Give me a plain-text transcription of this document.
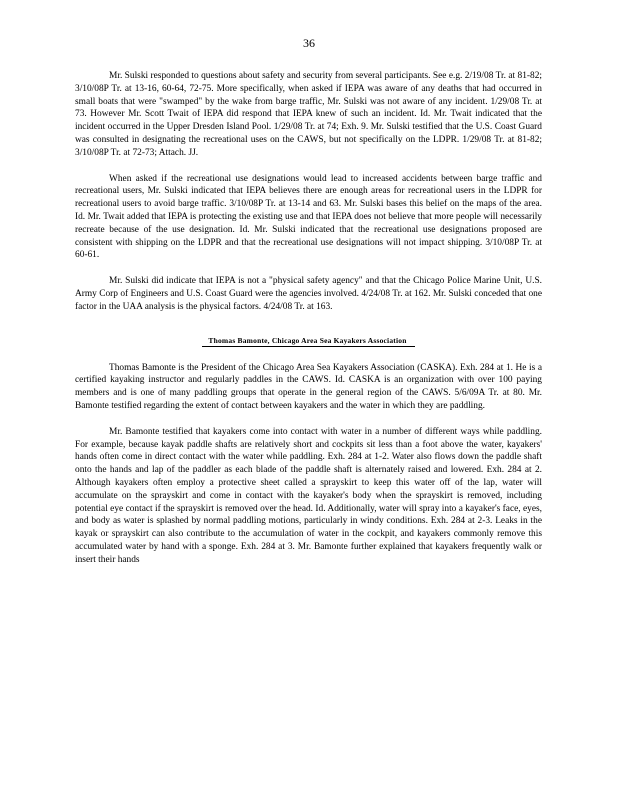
36

Mr. Sulski responded to questions about safety and security from several participants. See e.g. 2/19/08 Tr. at 81-82; 3/10/08P Tr. at 13-16, 60-64, 72-75. More specifically, when asked if IEPA was aware of any deaths that had occurred in small boats that were "swamped" by the wake from barge traffic, Mr. Sulski was not aware of any incident. 1/29/08 Tr. at 73. However Mr. Scott Twait of IEPA did respond that IEPA knew of such an incident. Id. Mr. Twait indicated that the incident occurred in the Upper Dresden Island Pool. 1/29/08 Tr. at 74; Exh. 9. Mr. Sulski testified that the U.S. Coast Guard was consulted in designating the recreational uses on the CAWS, but not specifically on the LDPR. 1/29/08 Tr. at 81-82; 3/10/08P Tr. at 72-73; Attach. JJ.

When asked if the recreational use designations would lead to increased accidents between barge traffic and recreational users, Mr. Sulski indicated that IEPA believes there are enough areas for recreational users in the LDPR for recreational users to avoid barge traffic. 3/10/08P Tr. at 13-14 and 63. Mr. Sulski bases this belief on the maps of the area. Id. Mr. Twait added that IEPA is protecting the existing use and that IEPA does not believe that more people will necessarily recreate because of the use designation. Id. Mr. Sulski indicated that the recreational use designations proposed are consistent with shipping on the LDPR and that the recreational use designations will not impact shipping. 3/10/08P Tr. at 60-61.

Mr. Sulski did indicate that IEPA is not a "physical safety agency" and that the Chicago Police Marine Unit, U.S. Army Corp of Engineers and U.S. Coast Guard were the agencies involved. 4/24/08 Tr. at 162. Mr. Sulski conceded that one factor in the UAA analysis is the physical factors. 4/24/08 Tr. at 163.

Thomas Bamonte, Chicago Area Sea Kayakers Association

Thomas Bamonte is the President of the Chicago Area Sea Kayakers Association (CASKA). Exh. 284 at 1. He is a certified kayaking instructor and regularly paddles in the CAWS. Id. CASKA is an organization with over 100 paying members and is one of many paddling groups that operate in the general region of the CAWS. 5/6/09A Tr. at 80. Mr. Bamonte testified regarding the extent of contact between kayakers and the water in which they are paddling.

Mr. Bamonte testified that kayakers come into contact with water in a number of different ways while paddling. For example, because kayak paddle shafts are relatively short and cockpits sit less than a foot above the water, kayakers' hands often come in direct contact with the water while paddling. Exh. 284 at 1-2. Water also flows down the paddle shaft onto the hands and lap of the paddler as each blade of the paddle shaft is alternately raised and lowered. Exh. 284 at 2. Although kayakers often employ a protective sheet called a sprayskirt to keep this water off of the lap, water will accumulate on the sprayskirt and come in contact with the kayaker's body when the sprayskirt is removed, including potential eye contact if the sprayskirt is removed over the head. Id. Additionally, water will spray into a kayaker's face, eyes, and body as water is splashed by normal paddling motions, particularly in windy conditions. Exh. 284 at 2-3. Leaks in the kayak or sprayskirt can also contribute to the accumulation of water in the cockpit, and kayakers commonly remove this accumulated water by hand with a sponge. Exh. 284 at 3. Mr. Bamonte further explained that kayakers frequently walk or insert their hands
